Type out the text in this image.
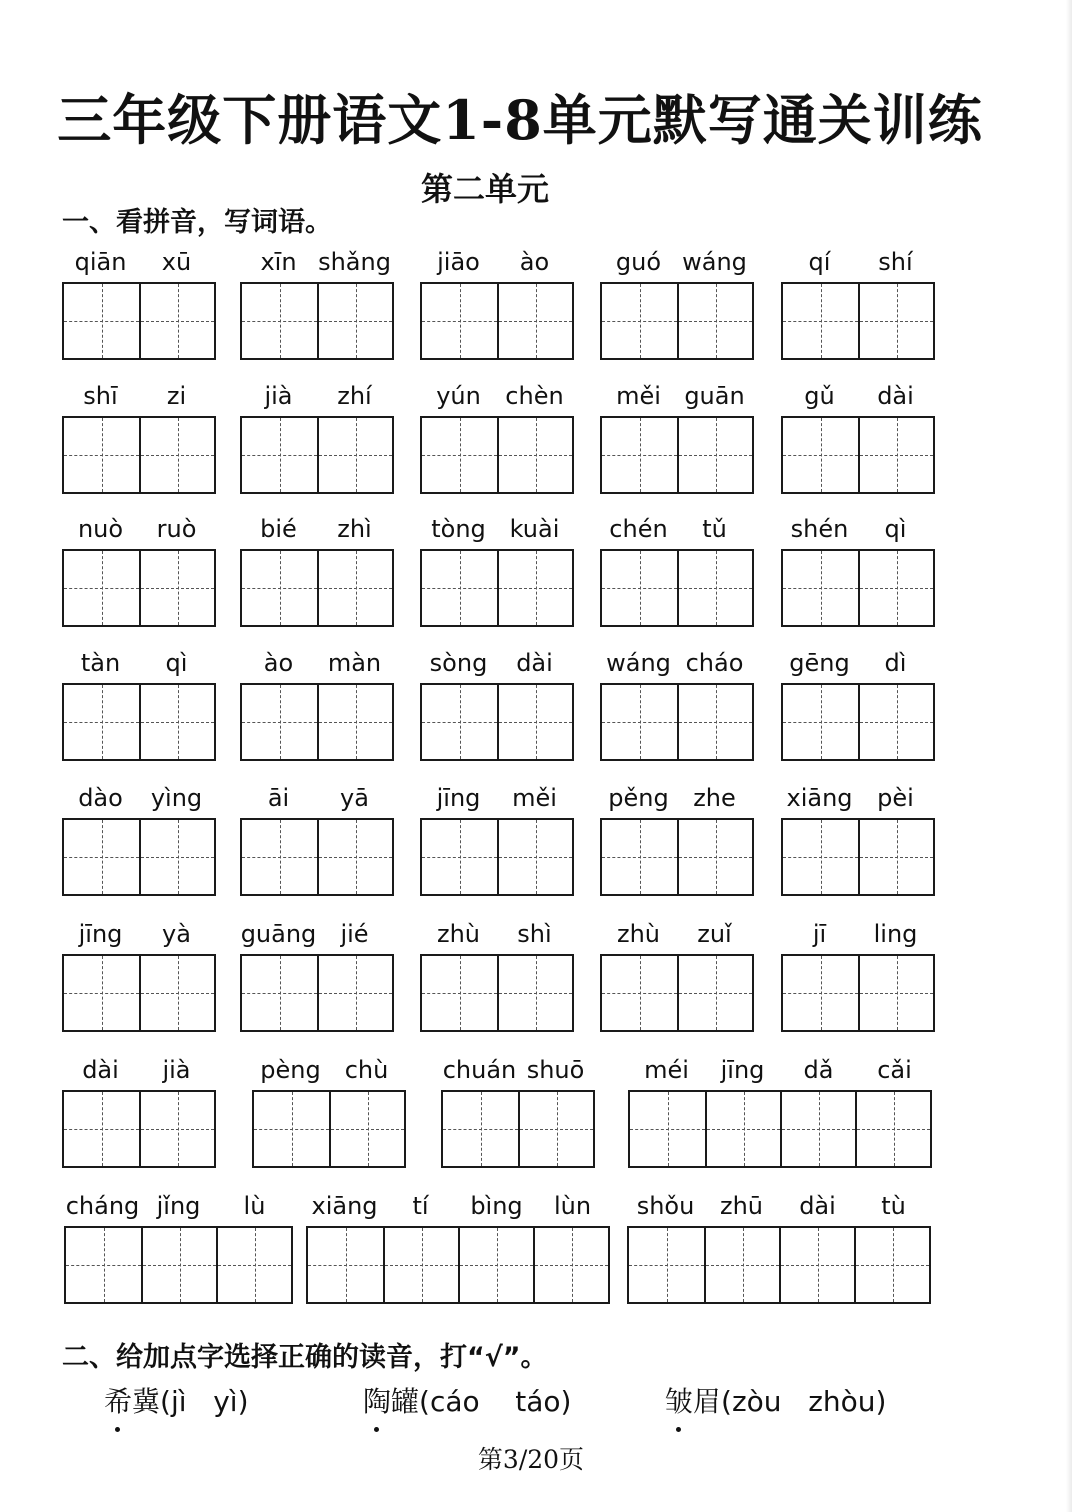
三年级下册语文1-8单元默写通关训练
第二单元
一、看拼音，写词语。
qiān	xū	xīn shǎng	jiāo	ào	guó wáng	qí	shí
shī	zi	jià	zhí	yún	chèn	měi guān	gǔ	dài
nuò	ruò	bié	zhì	tòng kuài	chén	tǔ	shén	qì
tàn	qì	ào	màn	sòng	dài	wáng cháo	gēng	dì
dào	yìng	āi	yā	jīng	měi	pěng	zhe	xiāng	pèi
jīng	yà	guāng	jié	zhù	shì	zhù	zuǐ	jī	ling
dài	jià	pèng chù	chuán shuō	méi	jīng	dǎ	cǎi
cháng jǐng	lù	xiāng	tí	bìng	lùn	shǒu	zhū	dài	tù
二、给加点字选择正确的读音，打“√”。
希
冀(jì   yì)	陶
罐(cáo    táo)	皱
眉(zòu   zhòu)
第3/20页
